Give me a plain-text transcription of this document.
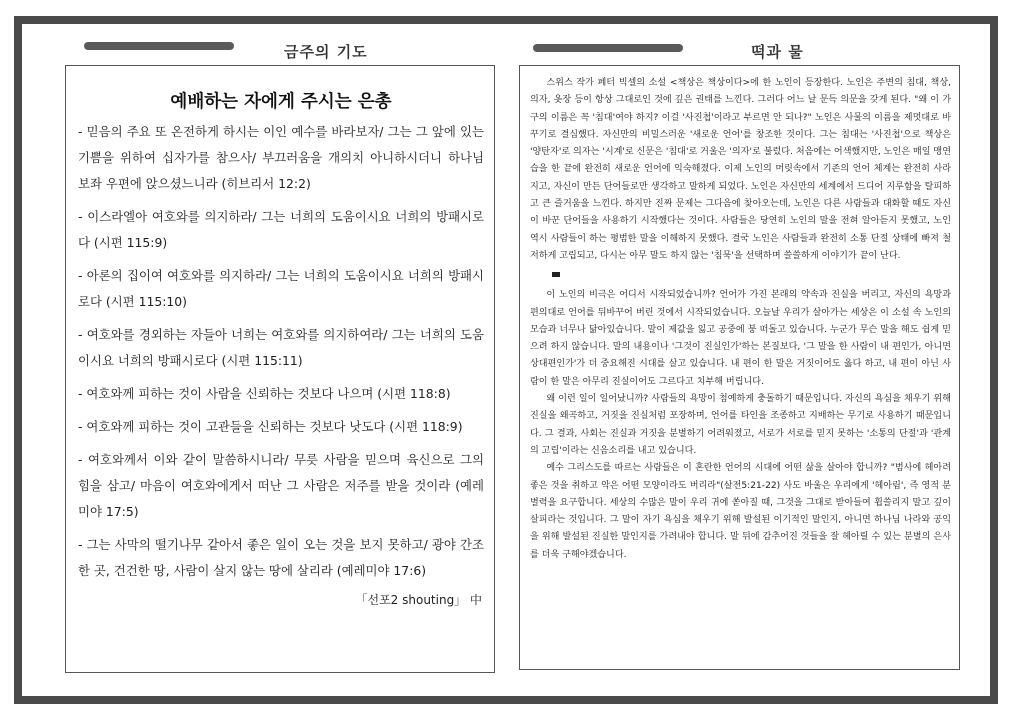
금주의 기도	떡과 물
예배하는 자에게 주시는 은총

- 믿음의 주요 또 온전하게 하시는 이인 예수를 바라보자/ 그는 그 앞에 있는 기쁨을 위하여 십자가를 참으사/ 부끄러움을 개의치 아니하시더니 하나님 보좌 우편에 앉으셨느니라 (히브리서 12:2)

- 이스라엘아 여호와를 의지하라/ 그는 너희의 도움이시요 너희의 방패시로다 (시편 115:9)

- 아론의 집이여 여호와를 의지하라/ 그는 너희의 도움이시요 너희의 방패시로다 (시편 115:10)

- 여호와를 경외하는 자들아 너희는 여호와를 의지하여라/ 그는 너희의 도움이시요 너희의 방패시로다 (시편 115:11)

- 여호와께 피하는 것이 사람을 신뢰하는 것보다 나으며 (시편 118:8)

- 여호와께 피하는 것이 고관들을 신뢰하는 것보다 낫도다 (시편 118:9)

- 여호와께서 이와 같이 말씀하시니라/ 무릇 사람을 믿으며 육신으로 그의 힘을 삼고/ 마음이 여호와에게서 떠난 그 사람은 저주를 받을 것이라 (예레미야 17:5)

- 그는 사막의 떨기나무 같아서 좋은 일이 오는 것을 보지 못하고/ 광야 간조한 곳, 건건한 땅, 사람이 살지 않는 땅에 살리라 (예레미야 17:6)

「선포2 shouting」 中

스위스 작가 페터 빅셀의 소설 <책상은 책상이다>에 한 노인이 등장한다. 노인은 주변의 침대, 책상, 의자, 옷장 등이 항상 그대로인 것에 깊은 권태를 느낀다. 그러다 어느 날 문득 의문을 갖게 된다. "왜 이 가구의 이름은 꼭 '침대'여야 하지? 이걸 '사진첩'이라고 부르면 안 되나?" 노인은 사물의 이름을 제멋대로 바꾸기로 결심했다. 자신만의 비밀스러운 '새로운 언어'를 창조한 것이다. 그는 침대는 '사진첩'으로 책상은 '양탄자'로 의자는 '시계'로 신문은 '침대'로 거울은 '의자'로 불렀다. 처음에는 어색했지만, 노인은 매일 맹연습을 한 끝에 완전히 새로운 언어에 익숙해졌다. 이제 노인의 머릿속에서 기존의 언어 체계는 완전히 사라지고, 자신이 만든 단어들로만 생각하고 말하게 되었다. 노인은 자신만의 세계에서 드디어 지루함을 탈피하고 큰 즐거움을 느낀다. 하지만 진짜 문제는 그다음에 찾아오는데, 노인은 다른 사람들과 대화할 때도 자신이 바꾼 단어들을 사용하기 시작했다는 것이다. 사람들은 당연히 노인의 말을 전혀 알아듣지 못했고, 노인 역시 사람들이 하는 평범한 말을 이해하지 못했다. 결국 노인은 사람들과 완전히 소통 단절 상태에 빠져 철저하게 고립되고, 다시는 아무 말도 하지 않는 '침묵'을 선택하며 쓸쓸하게 이야기가 끝이 난다.

이 노인의 비극은 어디서 시작되었습니까? 언어가 가진 본래의 약속과 진실을 버리고, 자신의 욕망과 편의대로 언어를 뒤바꾸어 버린 것에서 시작되었습니다. 오늘날 우리가 살아가는 세상은 이 소설 속 노인의 모습과 너무나 닮아있습니다. 말이 제값을 잃고 공중에 붕 떠돌고 있습니다. 누군가 무슨 말을 해도 쉽게 믿으려 하지 않습니다. 말의 내용이나 '그것이 진실인가'하는 본질보다, '그 말을 한 사람이 내 편인가, 아니면 상대편인가'가 더 중요해진 시대를 살고 있습니다. 내 편이 한 말은 거짓이어도 옳다 하고, 내 편이 아닌 사람이 한 말은 아무리 진실이어도 그르다고 치부해 버립니다.

왜 이런 일이 일어났니까? 사람들의 욕망이 첨예하게 충돌하기 때문입니다. 자신의 욕심을 채우기 위해 진실을 왜곡하고, 거짓을 진실처럼 포장하며, 언어를 타인을 조종하고 지배하는 무기로 사용하기 때문입니다. 그 결과, 사회는 진실과 거짓을 분별하기 어려워졌고, 서로가 서로를 믿지 못하는 '소통의 단절'과 '관계의 고립'이라는 신음소리를 내고 있습니다.

예수 그리스도를 따르는 사람들은 이 혼란한 언어의 시대에 어떤 삶을 살아야 합니까? "범사에 헤아려 좋은 것을 취하고 악은 어떤 모양이라도 버리라"(살전5:21-22) 사도 바울은 우리에게 '헤아림', 즉 영적 분별력을 요구합니다. 세상의 수많은 말이 우리 귀에 쏟아질 때, 그것을 그대로 받아들여 휩쓸리지 말고 깊이 살피라는 것입니다. 그 말이 자기 욕심을 채우기 위해 발설된 이기적인 말인지, 아니면 하나님 나라와 공익을 위해 발설된 진실한 말인지를 가려내야 합니다. 말 뒤에 감추어진 것들을 잘 헤아릴 수 있는 분별의 은사를 더욱 구해야겠습니다.
